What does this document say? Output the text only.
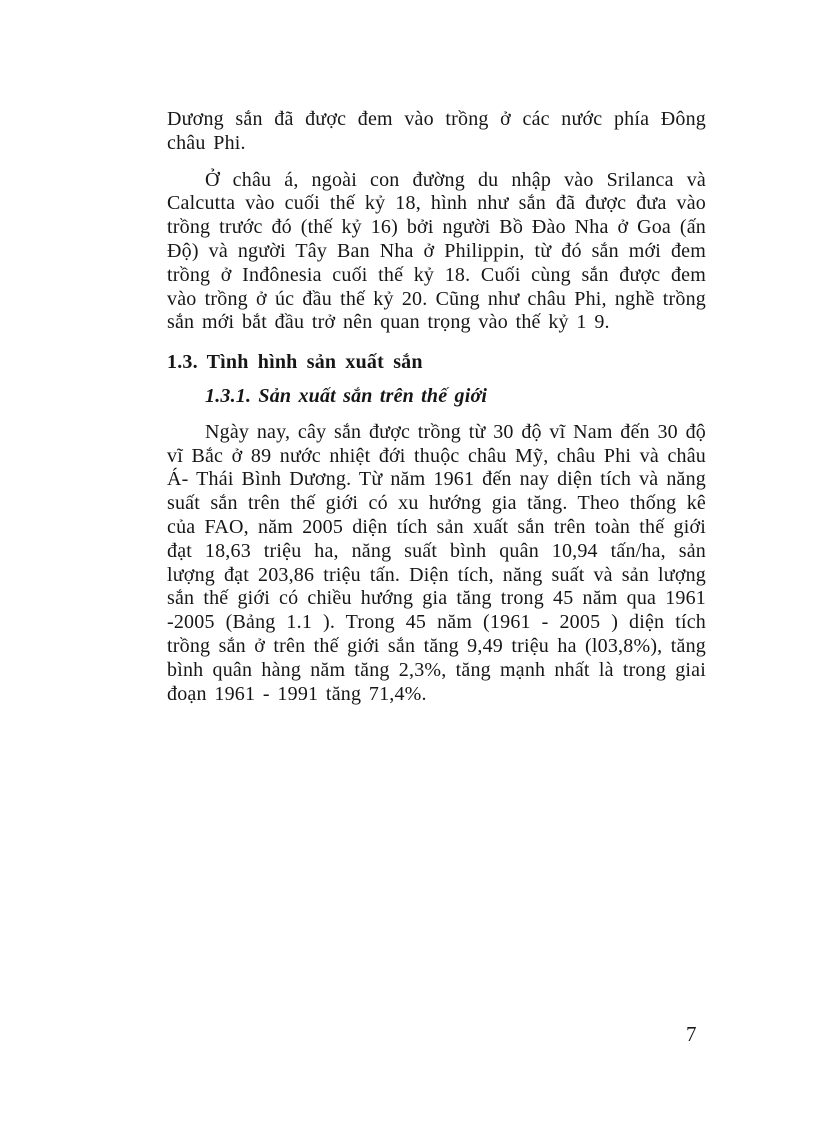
Dương sắn đã được đem vào trồng ở các nước phía Đông châu Phi.

Ở châu á, ngoài con đường du nhập vào Srilanca và Calcutta vào cuối thế kỷ 18, hình như sắn đã được đưa vào trồng trước đó (thế kỷ 16) bởi người Bồ Đào Nha ở Goa (ấn Độ) và người Tây Ban Nha ở Philippin, từ đó sắn mới đem trồng ở Inđônesia cuối thế kỷ 18. Cuối cùng sắn được đem vào trồng ở úc đầu thế kỷ 20. Cũng như châu Phi, nghề trồng sắn mới bắt đầu trở nên quan trọng vào thế kỷ 1 9.

1.3. Tình hình sản xuất sắn

1.3.1. Sản xuất sắn trên thế giới

Ngày nay, cây sắn được trồng từ 30 độ vĩ Nam đến 30 độ vĩ Bắc ở 89 nước nhiệt đới thuộc châu Mỹ, châu Phi và châu Á- Thái Bình Dương. Từ năm 1961 đến nay diện tích và năng suất sắn trên thế giới có xu hướng gia tăng. Theo thống kê của FAO, năm 2005 diện tích sản xuất sắn trên toàn thế giới đạt 18,63 triệu ha, năng suất bình quân 10,94 tấn/ha, sản lượng đạt 203,86 triệu tấn. Diện tích, năng suất và sản lượng sắn thế giới có chiều hướng gia tăng trong 45 năm qua 1961 -2005 (Bảng 1.1 ). Trong 45 năm (1961 - 2005 ) diện tích trồng sắn ở trên thế giới sắn tăng 9,49 triệu ha (l03,8%), tăng bình quân hàng năm tăng 2,3%, tăng mạnh nhất là trong giai đoạn 1961 - 1991 tăng 71,4%.

7
